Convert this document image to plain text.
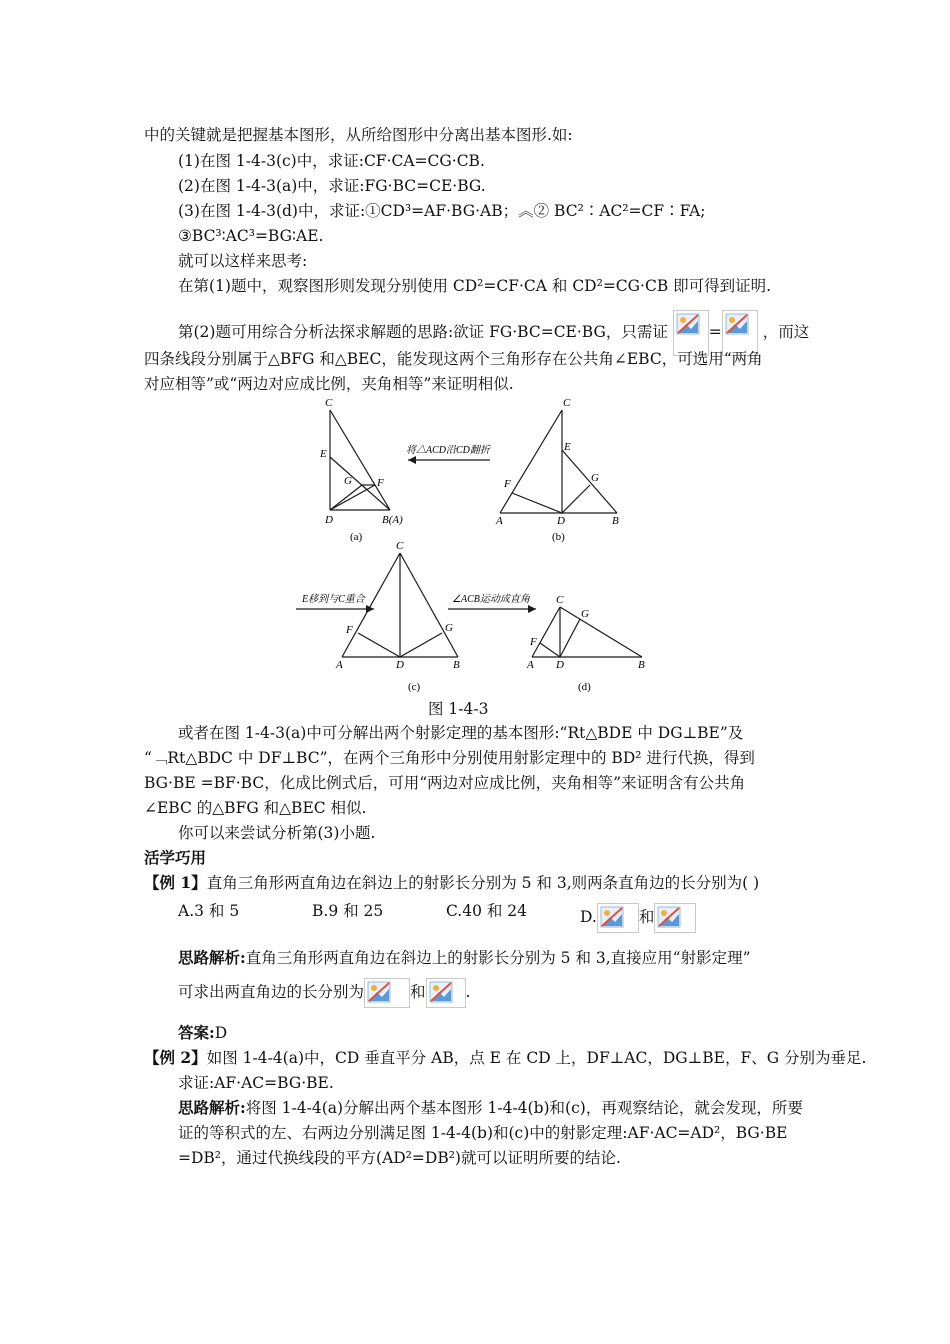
中的关键就是把握基本图形，从所给图形中分离出基本图形.如:
(1)在图 1-4-3(c)中，求证:CF·CA=CG·CB.
(2)在图 1-4-3(a)中，求证:FG·BC=CE·BG.
(3)在图 1-4-3(d)中，求证:①CD³=AF·BG·AB；︽② BC²∶AC²=CF∶FA;
③BC³∶AC³=BG∶AE.
就可以这样来思考:
在第(1)题中，观察图形则发现分别使用 CD²=CF·CA 和 CD²=CG·CB 即可得到证明.
第(2)题可用综合分析法探求解题的思路:欲证 FG·BC=CE·BG，只需证	=	，而这
四条线段分别属于△BFG 和△BEC，能发现这两个三角形存在公共角∠EBC，可选用“两角
对应相等”或“两边对应成比例，夹角相等”来证明相似.
将△ACD沿CD翻折
E移到与C重合	∠ACB运动成直角
C
E
G F
D	B(A)
C
E
F	G
A	D	B
C
F	G
A	D	B
C
G
F
A D	B
(a)	(b)
(c)	(d)
图 1-4-3
或者在图 1-4-3(a)中可分解出两个射影定理的基本图形:“Rt△BDE 中 DG⊥BE”及
“﹁Rt△BDC 中 DF⊥BC”，在两个三角形中分别使用射影定理中的 BD² 进行代换，得到
BG·BE =BF·BC，化成比例式后，可用“两边对应成比例，夹角相等”来证明含有公共角
∠EBC 的△BFG 和△BEC 相似.
你可以来尝试分析第(3)小题.
活学巧用
【例 1】直角三角形两直角边在斜边上的射影长分别为 5 和 3,则两条直角边的长分别为( )
A.3 和 5	B.9 和 25	C.40 和 24	D.	和
思路解析:直角三角形两直角边在斜边上的射影长分别为 5 和 3,直接应用“射影定理”
可求出两直角边的长分别为	和	.
答案:D
【例 2】如图 1-4-4(a)中，CD 垂直平分 AB，点 E 在 CD 上，DF⊥AC，DG⊥BE，F、G 分别为垂足.
求证:AF·AC=BG·BE.
思路解析:将图 1-4-4(a)分解出两个基本图形 1-4-4(b)和(c)，再观察结论，就会发现，所要
证的等积式的左、右两边分别满足图 1-4-4(b)和(c)中的射影定理:AF·AC=AD²，BG·BE
=DB²，通过代换线段的平方(AD²=DB²)就可以证明所要的结论.
